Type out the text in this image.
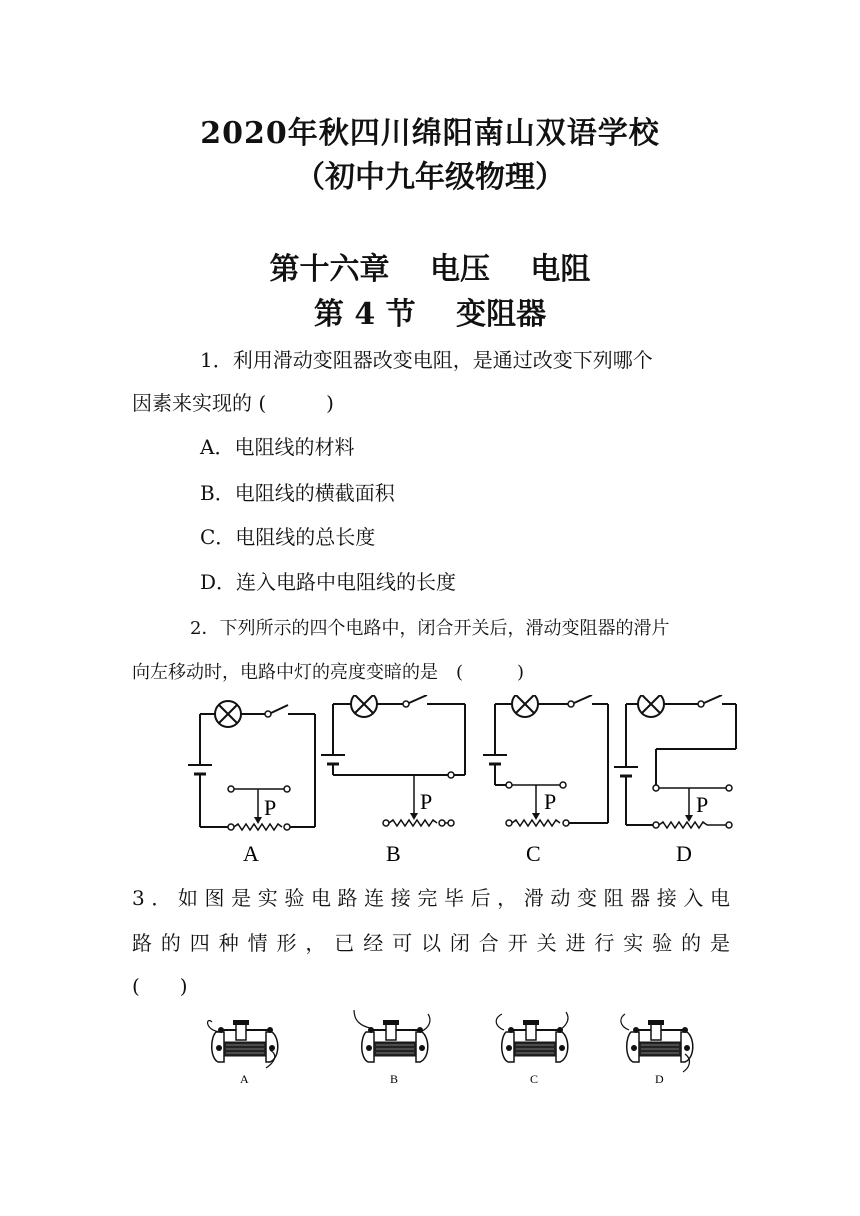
2020年秋四川绵阳南山双语学校
（初中九年级物理）
第十六章　 电压　 电阻
第 4 节　 变阻器
1．利用滑动变阻器改变电阻，是通过改变下列哪个
因素来实现的 (　　　)
A．电阻线的材料
B．电阻线的横截面积
C．电阻线的总长度
D．连入电路中电阻线的长度
2．下列所示的四个电路中，闭合开关后，滑动变阻器的滑片
向左移动时，电路中灯的亮度变暗的是　(　　　)
P
A
P
B
P
C
P
D
3．如图是实验电路连接完毕后，滑动变阻器接入电
路的四种情形，已经可以闭合开关进行实验的是
(　　)
A	B	C	D
